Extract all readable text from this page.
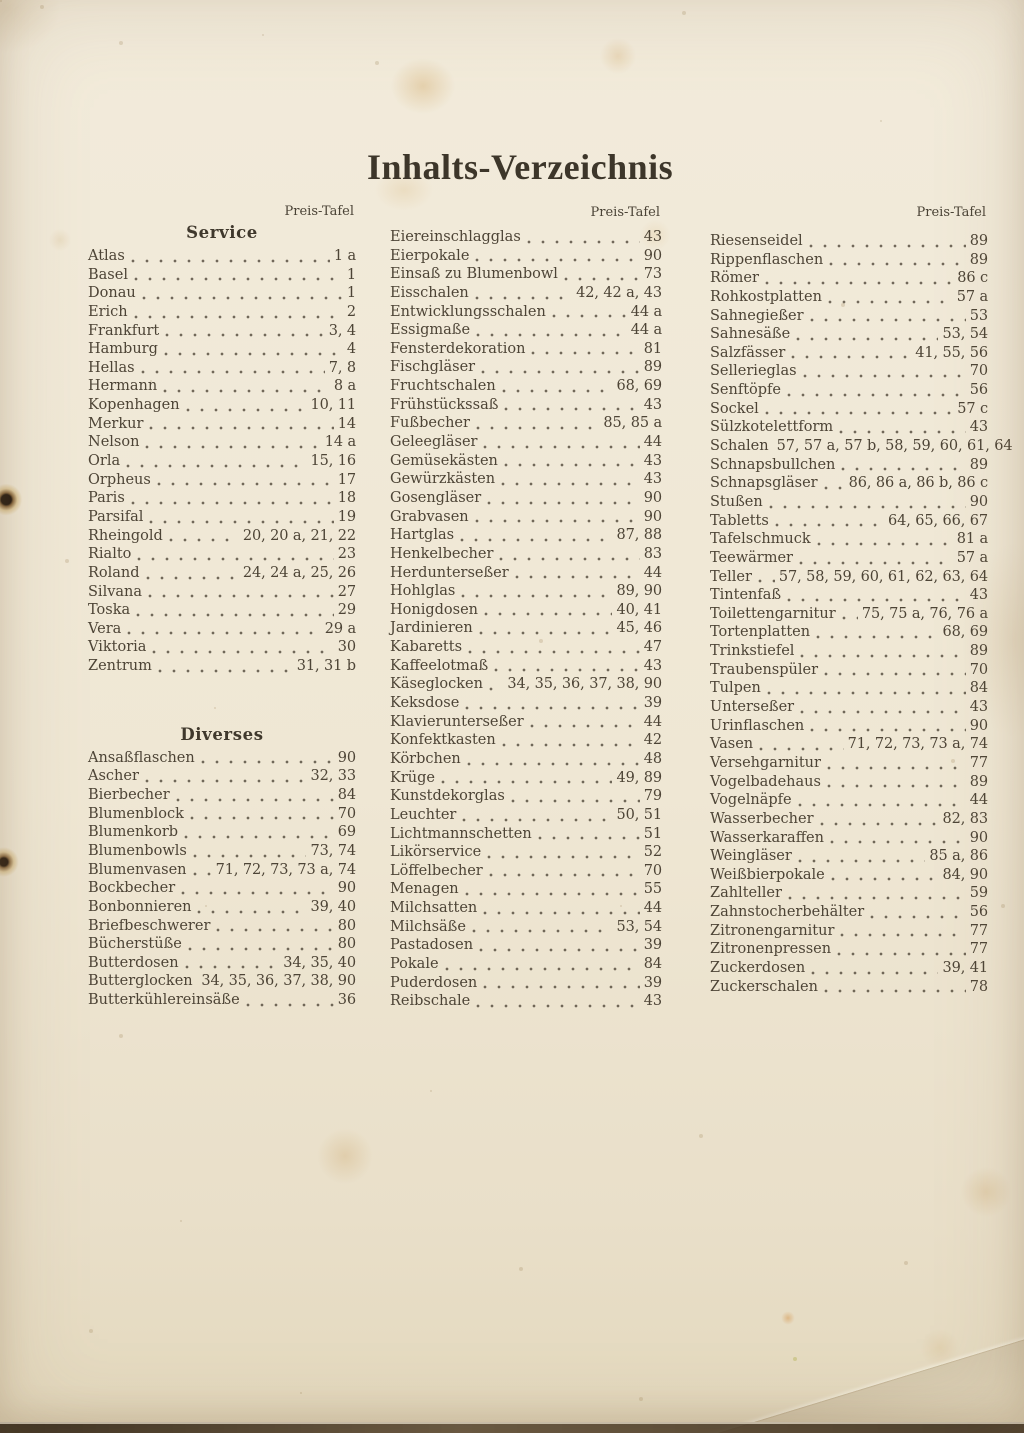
Inhalts-Verzeichnis
Preis-Tafel
Service
Atlas	1 a
Basel	1
Donau	1
Erich	2
Frankfurt	3, 4
Hamburg	4
Hellas	7, 8
Hermann	8 a
Kopenhagen	10, 11
Merkur	14
Nelson	14 a
Orla	15, 16
Orpheus	17
Paris	18
Parsifal	19
Rheingold	20, 20 a, 21, 22
Rialto	23
Roland	24, 24 a, 25, 26
Silvana	27
Toska	29
Vera	29 a
Viktoria	30
Zentrum	31, 31 b
Diverses
Ansaßflaschen	90
Ascher	32, 33
Bierbecher	84
Blumenblock	70
Blumenkorb	69
Blumenbowls	73, 74
Blumenvasen 71, 72, 73, 73 a, 74
Bockbecher	90
Bonbonnieren	39, 40
Briefbeschwerer	80
Bücherstüße	80
Butterdosen	34, 35, 40
Butterglocken 34, 35, 36, 37, 38, 90
Butterkühlereinsäße	36
Preis-Tafel
Eiereinschlagglas	43
Eierpokale	90
Einsaß zu Blumenbowl	73
Eisschalen	42, 42 a, 43
Entwicklungsschalen	44 a
Essigmaße	44 a
Fensterdekoration	81
Fischgläser	89
Fruchtschalen	68, 69
Frühstückssaß	43
Fußbecher	85, 85 a
Geleegläser	44
Gemüsekästen	43
Gewürzkästen	43
Gosengläser	90
Grabvasen	90
Hartglas	87, 88
Henkelbecher	83
Herdunterseßer	44
Hohlglas	89, 90
Honigdosen	40, 41
Jardinieren	45, 46
Kabaretts	47
Kaffeelotmaß	43
Käseglocken 34, 35, 36, 37, 38, 90
Keksdose	39
Klavierunterseßer	44
Konfektkasten	42
Körbchen	48
Krüge	49, 89
Kunstdekorglas	79
Leuchter	50, 51
Lichtmannschetten	51
Likörservice	52
Löffelbecher	70
Menagen	55
Milchsatten	44
Milchsäße	53, 54
Pastadosen	39
Pokale	84
Puderdosen	39
Reibschale	43
Preis-Tafel
Riesenseidel	89
Rippenflaschen	89
Römer	86 c
Rohkostplatten	57 a
Sahnegießer	53
Sahnesäße	53, 54
Salzfässer	41, 55, 56
Sellerieglas	70
Senftöpfe	56
Sockel	57 c
Sülzkotelettform	43
Schalen 57, 57 a, 57 b, 58, 59, 60, 61, 64
Schnapsbullchen	89
Schnapsgläser 86, 86 a, 86 b, 86 c
Stußen	90
Tabletts	64, 65, 66, 67
Tafelschmuck	81 a
Teewärmer	57 a
Teller 57, 58, 59, 60, 61, 62, 63, 64
Tintenfaß	43
Toilettengarnitur 75, 75 a, 76, 76 a
Tortenplatten	68, 69
Trinkstiefel	89
Traubenspüler	70
Tulpen	84
Unterseßer	43
Urinflaschen	90
Vasen	71, 72, 73, 73 a, 74
Versehgarnitur	77
Vogelbadehaus	89
Vogelnäpfe	44
Wasserbecher	82, 83
Wasserkaraffen	90
Weingläser	85 a, 86
Weißbierpokale	84, 90
Zahlteller	59
Zahnstocherbehälter	56
Zitronengarnitur	77
Zitronenpressen	77
Zuckerdosen	39, 41
Zuckerschalen	78
